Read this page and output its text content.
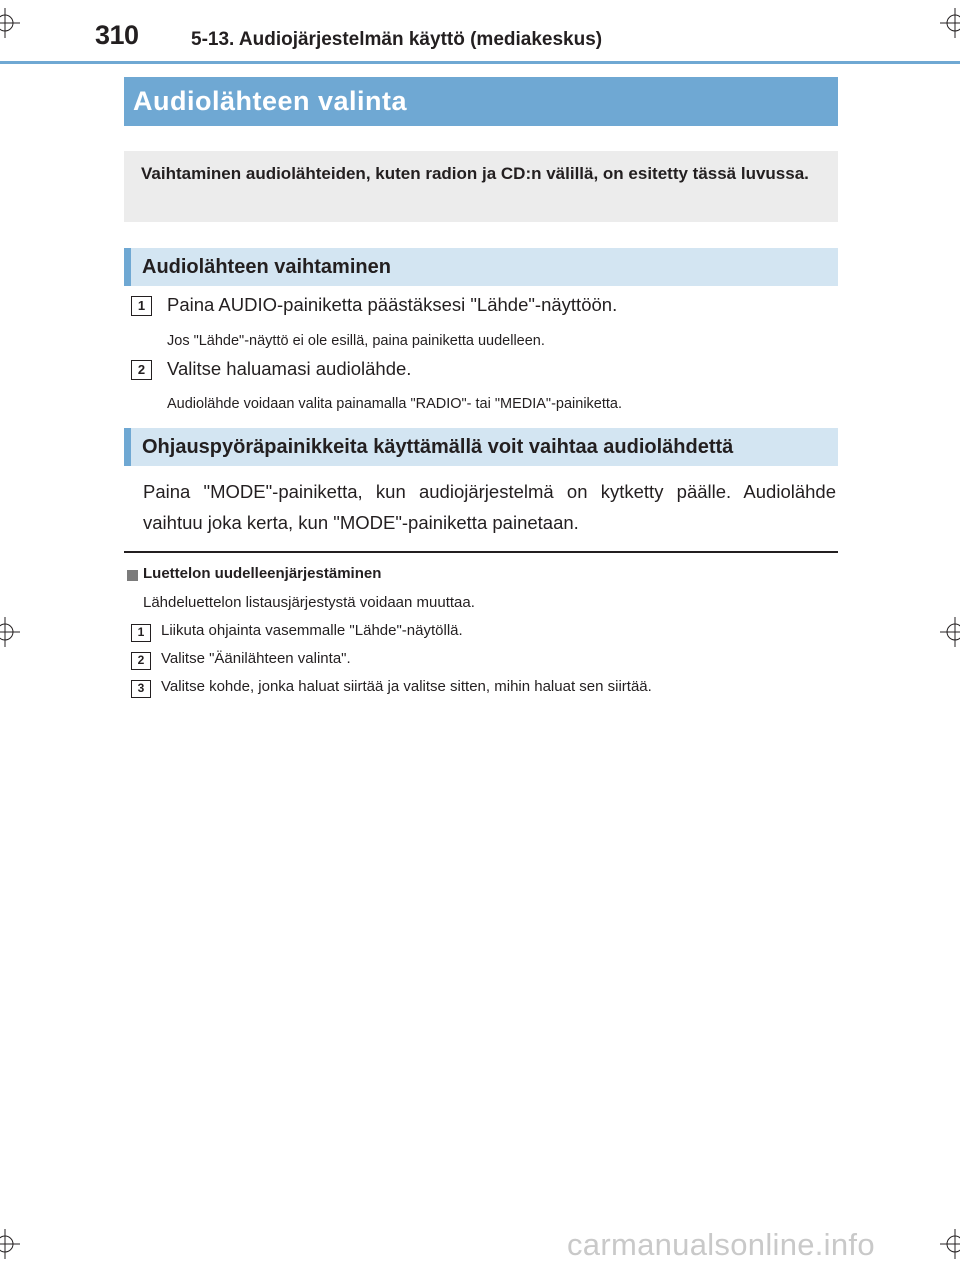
310	5-13. Audiojärjestelmän käyttö (mediakeskus)
Audiolähteen valinta
Vaihtaminen audiolähteiden, kuten radion ja CD:n välillä, on esitetty tässä luvussa.
Audiolähteen vaihtaminen
1	Paina AUDIO-painiketta päästäksesi "Lähde"-näyttöön.
Jos "Lähde"-näyttö ei ole esillä, paina painiketta uudelleen.
2	Valitse haluamasi audiolähde.
Audiolähde voidaan valita painamalla "RADIO"- tai "MEDIA"-painiketta.
Ohjauspyöräpainikkeita käyttämällä voit vaihtaa audiolähdettä
Paina "MODE"-painiketta, kun audiojärjestelmä on kytketty päälle. Audiolähde vaihtuu joka kerta, kun "MODE"-painiketta painetaan.
Luettelon uudelleenjärjestäminen
Lähdeluettelon listausjärjestystä voidaan muuttaa.
1	Liikuta ohjainta vasemmalle "Lähde"-näytöllä.
2	Valitse "Äänilähteen valinta".
3	Valitse kohde, jonka haluat siirtää ja valitse sitten, mihin haluat sen siirtää.
carmanualsonline.info
